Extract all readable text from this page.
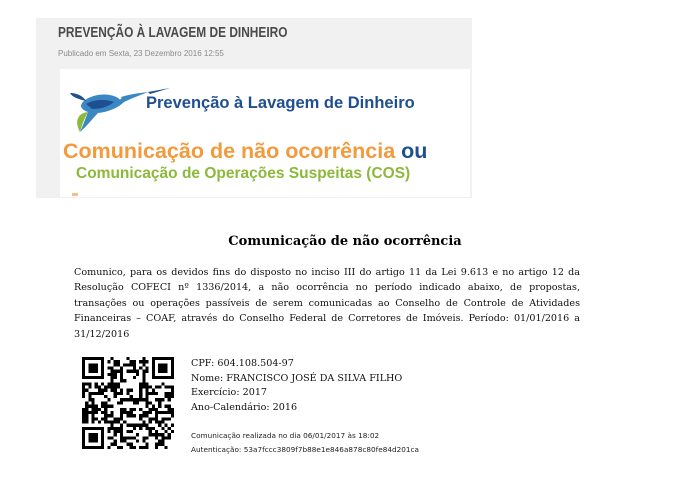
PREVENÇÃO À LAVAGEM DE DINHEIRO
Publicado em Sexta, 23 Dezembro 2016 12:55
Prevenção à Lavagem de Dinheiro
Comunicação de não ocorrência ou
Comunicação de Operações Suspeitas (COS)
Comunicação de não ocorrência
Comunico, para os devidos fins do disposto no inciso III do artigo 11 da Lei 9.613 e no artigo 12 da Resolução COFECI nº 1336/2014, a não ocorrência no período indicado abaixo, de propostas, transações ou operações passíveis de serem comunicadas ao Conselho de Controle de Atividades Financeiras – COAF, através do Conselho Federal de Corretores de Imóveis. Período: 01/01/2016 a 31/12/2016
CPF: 604.108.504-97
Nome: FRANCISCO JOSÉ DA SILVA FILHO
Exercício: 2017
Ano-Calendário: 2016
Comunicação realizada no dia 06/01/2017 às 18:02
Autenticação: 53a7fccc3809f7b88e1e846a878c80fe84d201ca
